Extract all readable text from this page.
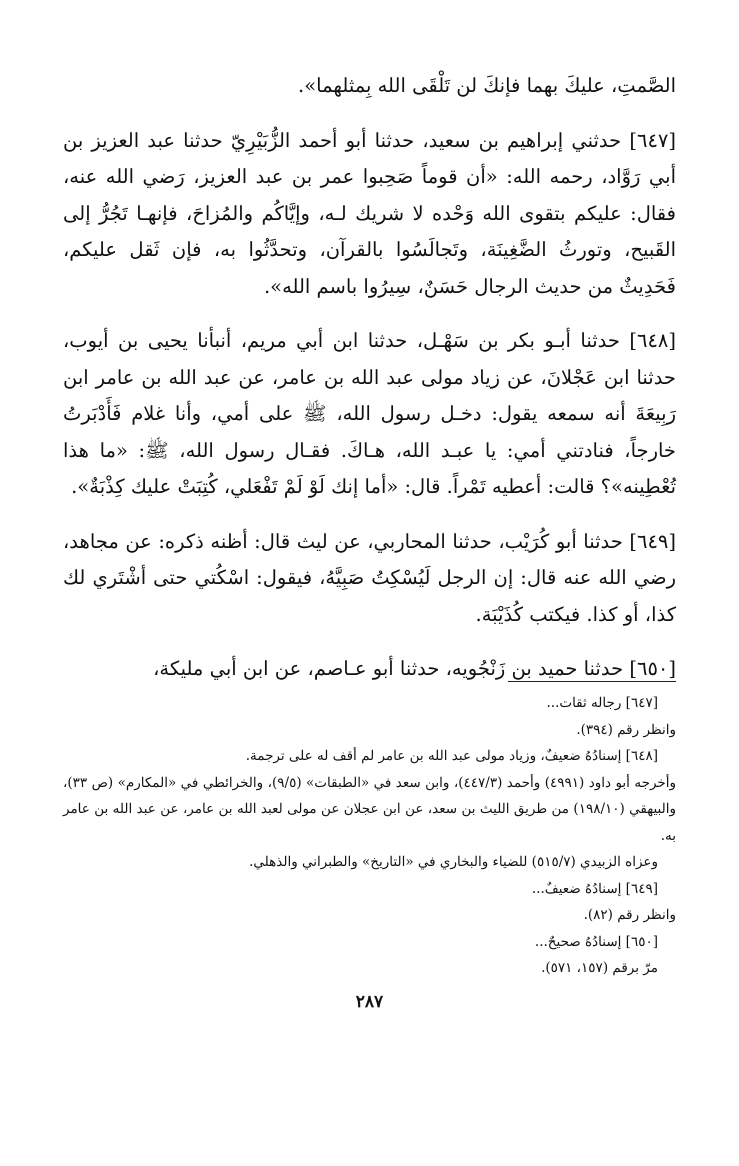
الصَّمتِ، عليكَ بهما فإنكَ لن تَلْقَى الله بِمثلهما».

[٦٤٧] حدثني إبراهيم بن سعيد، حدثنا أبو أحمد الزُّبَيْرِيّ حدثنا عبد العزيز بن أبي رَوَّاد، رحمه الله: «أن قوماً صَحِبوا عمر بن عبد العزيز، رَضي الله عنه، فقال: عليكم بتقوى الله وَحْده لا شريك لـه، وإيَّاكُم والمُزاحَ، فإنهـا تَجُرُّ إلى القَبيح، وتورثُ الضَّغِينَة، وتَجالَسُوا بالقرآن، وتحدَّثُوا به، فإن ثَقل عليكم، فَحَدِيثٌ من حديث الرجال حَسَنٌ، سِيرُوا باسم الله».

[٦٤٨] حدثنا أبـو بكر بن سَهْـل، حدثنا ابن أبي مريم، أنبأنا يحيى بن أيوب، حدثنا ابن عَجْلانَ، عن زياد مولى عبد الله بن عامر، عن عبد الله بن عامر ابن رَبِيعَةَ أنه سمعه يقول: دخـل رسول الله، ﷺ على أمي، وأنا غلام فَأَدْبَرتُ خارجاً، فنادتني أمي: يا عبـد الله، هـاكَ. فقـال رسول الله، ﷺ: «ما هذا تُعْطِينه»؟ قالت: أعطيه تَمْراً. قال: «أما إنك لَوْ لَمْ تَفْعَلي، كُتِبَتْ عليك كِذْبَةٌ».

[٦٤٩] حدثنا أبو كُرَيْب، حدثنا المحاربي، عن ليث قال: أظنه ذكره: عن مجاهد، رضي الله عنه قال: إن الرجل لَيُسْكِتُ صَبِيَّهُ، فيقول: اسْكُتي حتى أشْتَري لك كذا، أو كذا. فيكتب كُذَيْبَة.

[٦٥٠] حدثنا حميد بن زَنْجُويه، حدثنا أبو عـاصم، عن ابن أبي مليكة،

[٦٤٧] رجاله ثقات...

وانظر رقم (٣٩٤).

[٦٤٨] إسنادُهُ ضعيفٌ، وزياد مولى عبد الله بن عامر لم أقف له على ترجمة.

وأخرجه أبو داود (٤٩٩١) وأحمد (٤٤٧/٣)، وابن سعد في «الطبقات» (٩/٥)، والخرائطي في «المكارم» (ص ٣٣)، والبيهقي (١٩٨/١٠) من طريق الليث بن سعد، عن ابن عجلان عن مولى لعبد الله بن عامر، عن عبد الله بن عامر به.

وعزاه الزبيدي (٥١٥/٧) للضياء والبخاري في «التاريخ» والطبراني والذهلي.

[٦٤٩] إسنادُهُ ضعيفٌ...

وانظر رقم (٨٢).

[٦٥٠] إسنادُهُ صحيحٌ...

مرّ برقم (١٥٧، ٥٧١).

٢٨٧
